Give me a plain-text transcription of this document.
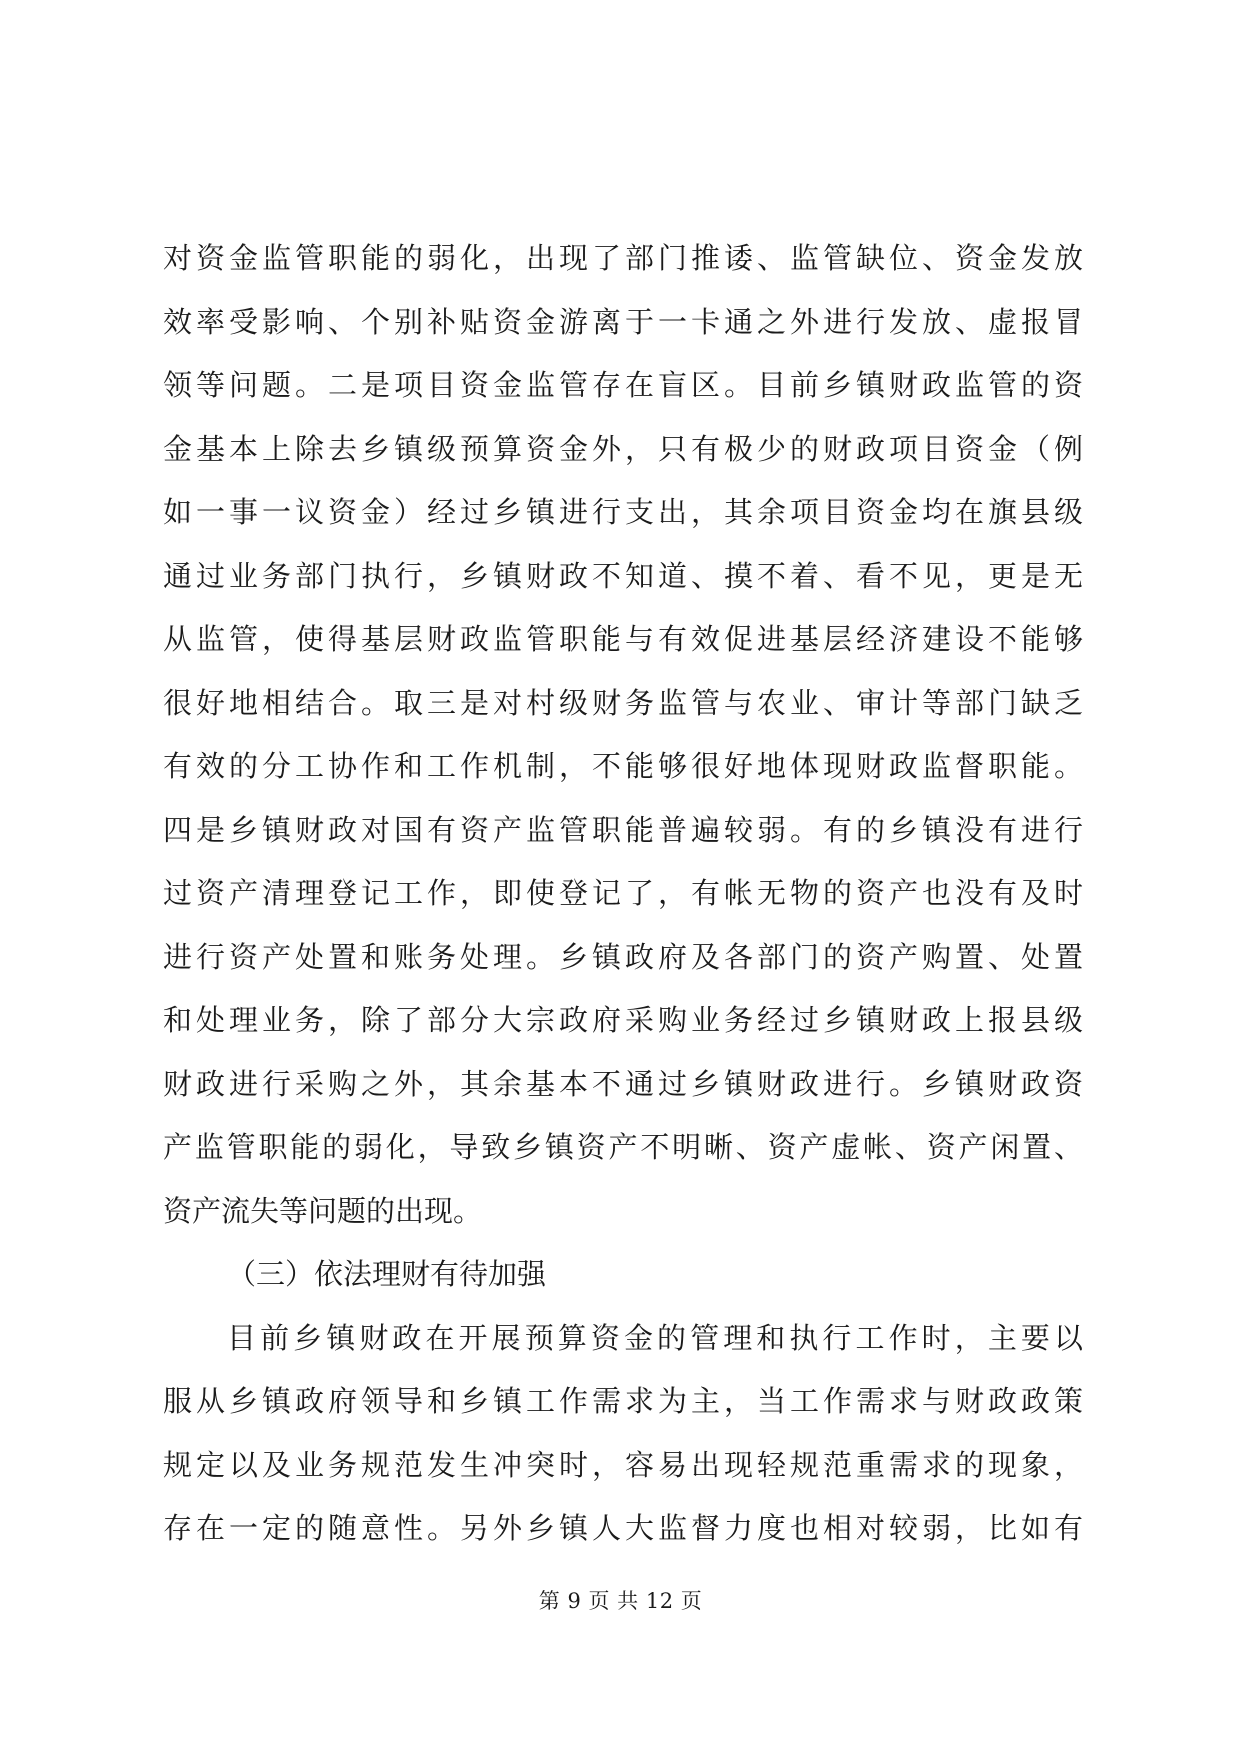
对资金监管职能的弱化，出现了部门推诿、监管缺位、资金发放
效率受影响、个别补贴资金游离于一卡通之外进行发放、虚报冒
领等问题。二是项目资金监管存在盲区。目前乡镇财政监管的资
金基本上除去乡镇级预算资金外，只有极少的财政项目资金（例
如一事一议资金）经过乡镇进行支出，其余项目资金均在旗县级
通过业务部门执行，乡镇财政不知道、摸不着、看不见，更是无
从监管，使得基层财政监管职能与有效促进基层经济建设不能够
很好地相结合。取三是对村级财务监管与农业、审计等部门缺乏
有效的分工协作和工作机制，不能够很好地体现财政监督职能。
四是乡镇财政对国有资产监管职能普遍较弱。有的乡镇没有进行
过资产清理登记工作，即使登记了，有帐无物的资产也没有及时
进行资产处置和账务处理。乡镇政府及各部门的资产购置、处置
和处理业务，除了部分大宗政府采购业务经过乡镇财政上报县级
财政进行采购之外，其余基本不通过乡镇财政进行。乡镇财政资
产监管职能的弱化，导致乡镇资产不明晰、资产虚帐、资产闲置、
资产流失等问题的出现。
（三）依法理财有待加强
目前乡镇财政在开展预算资金的管理和执行工作时，主要以
服从乡镇政府领导和乡镇工作需求为主，当工作需求与财政政策
规定以及业务规范发生冲突时，容易出现轻规范重需求的现象，
存在一定的随意性。另外乡镇人大监督力度也相对较弱，比如有
第 9 页 共 12 页
